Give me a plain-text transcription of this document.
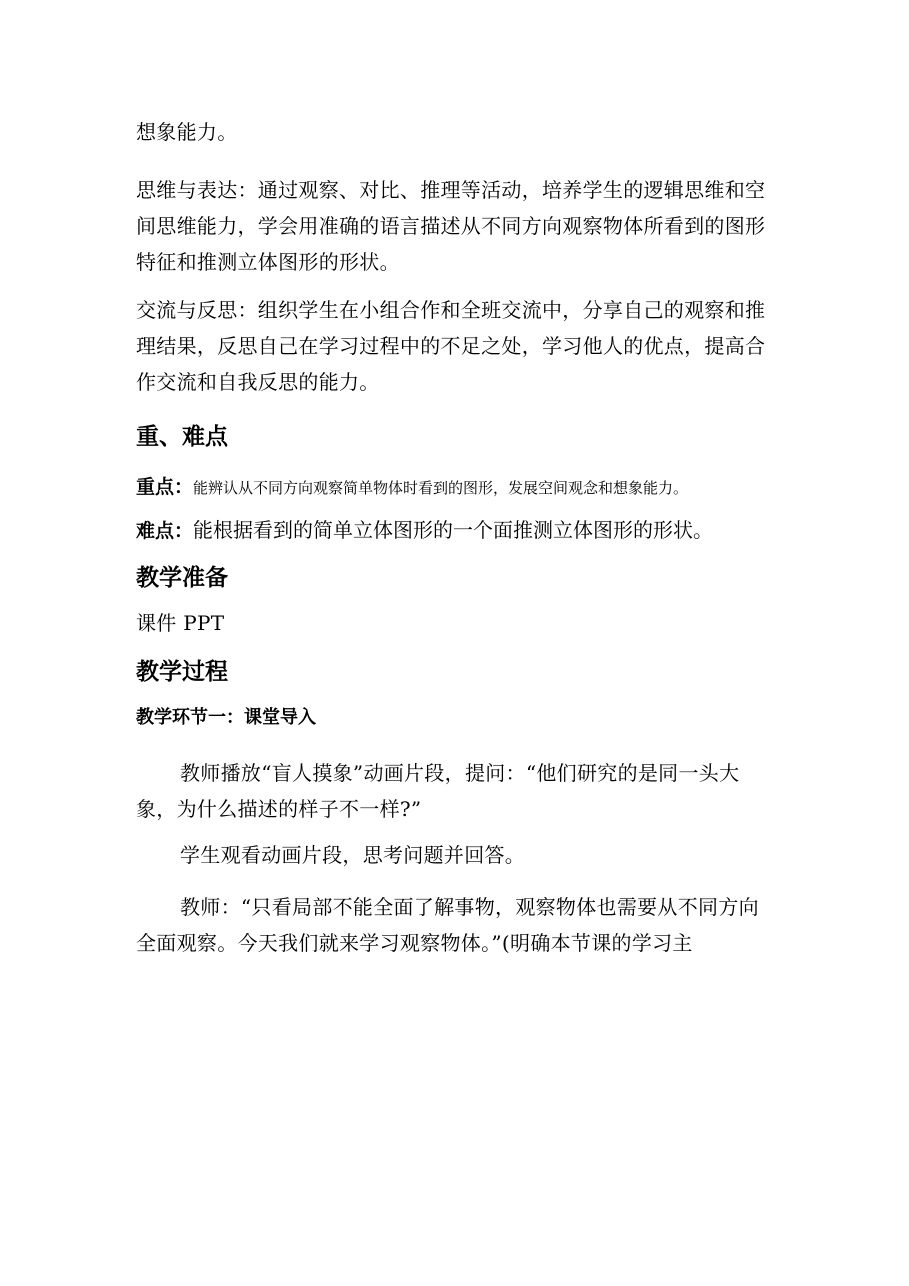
想象能力。

思维与表达：通过观察、对比、推理等活动，培养学生的逻辑思维和空间思维能力，学会用准确的语言描述从不同方向观察物体所看到的图形特征和推测立体图形的形状。

交流与反思：组织学生在小组合作和全班交流中，分享自己的观察和推理结果，反思自己在学习过程中的不足之处，学习他人的优点，提高合作交流和自我反思的能力。

重、难点

重点：能辨认从不同方向观察简单物体时看到的图形，发展空间观念和想象能力。

难点：能根据看到的简单立体图形的一个面推测立体图形的形状。

教学准备

课件 PPT

教学过程
教学环节一：课堂导入

教师播放“盲人摸象”动画片段，提问：“他们研究的是同一头大象，为什么描述的样子不一样?”

学生观看动画片段，思考问题并回答。

教师：“只看局部不能全面了解事物，观察物体也需要从不同方向全面观察。今天我们就来学习观察物体。”(明确本节课的学习主
